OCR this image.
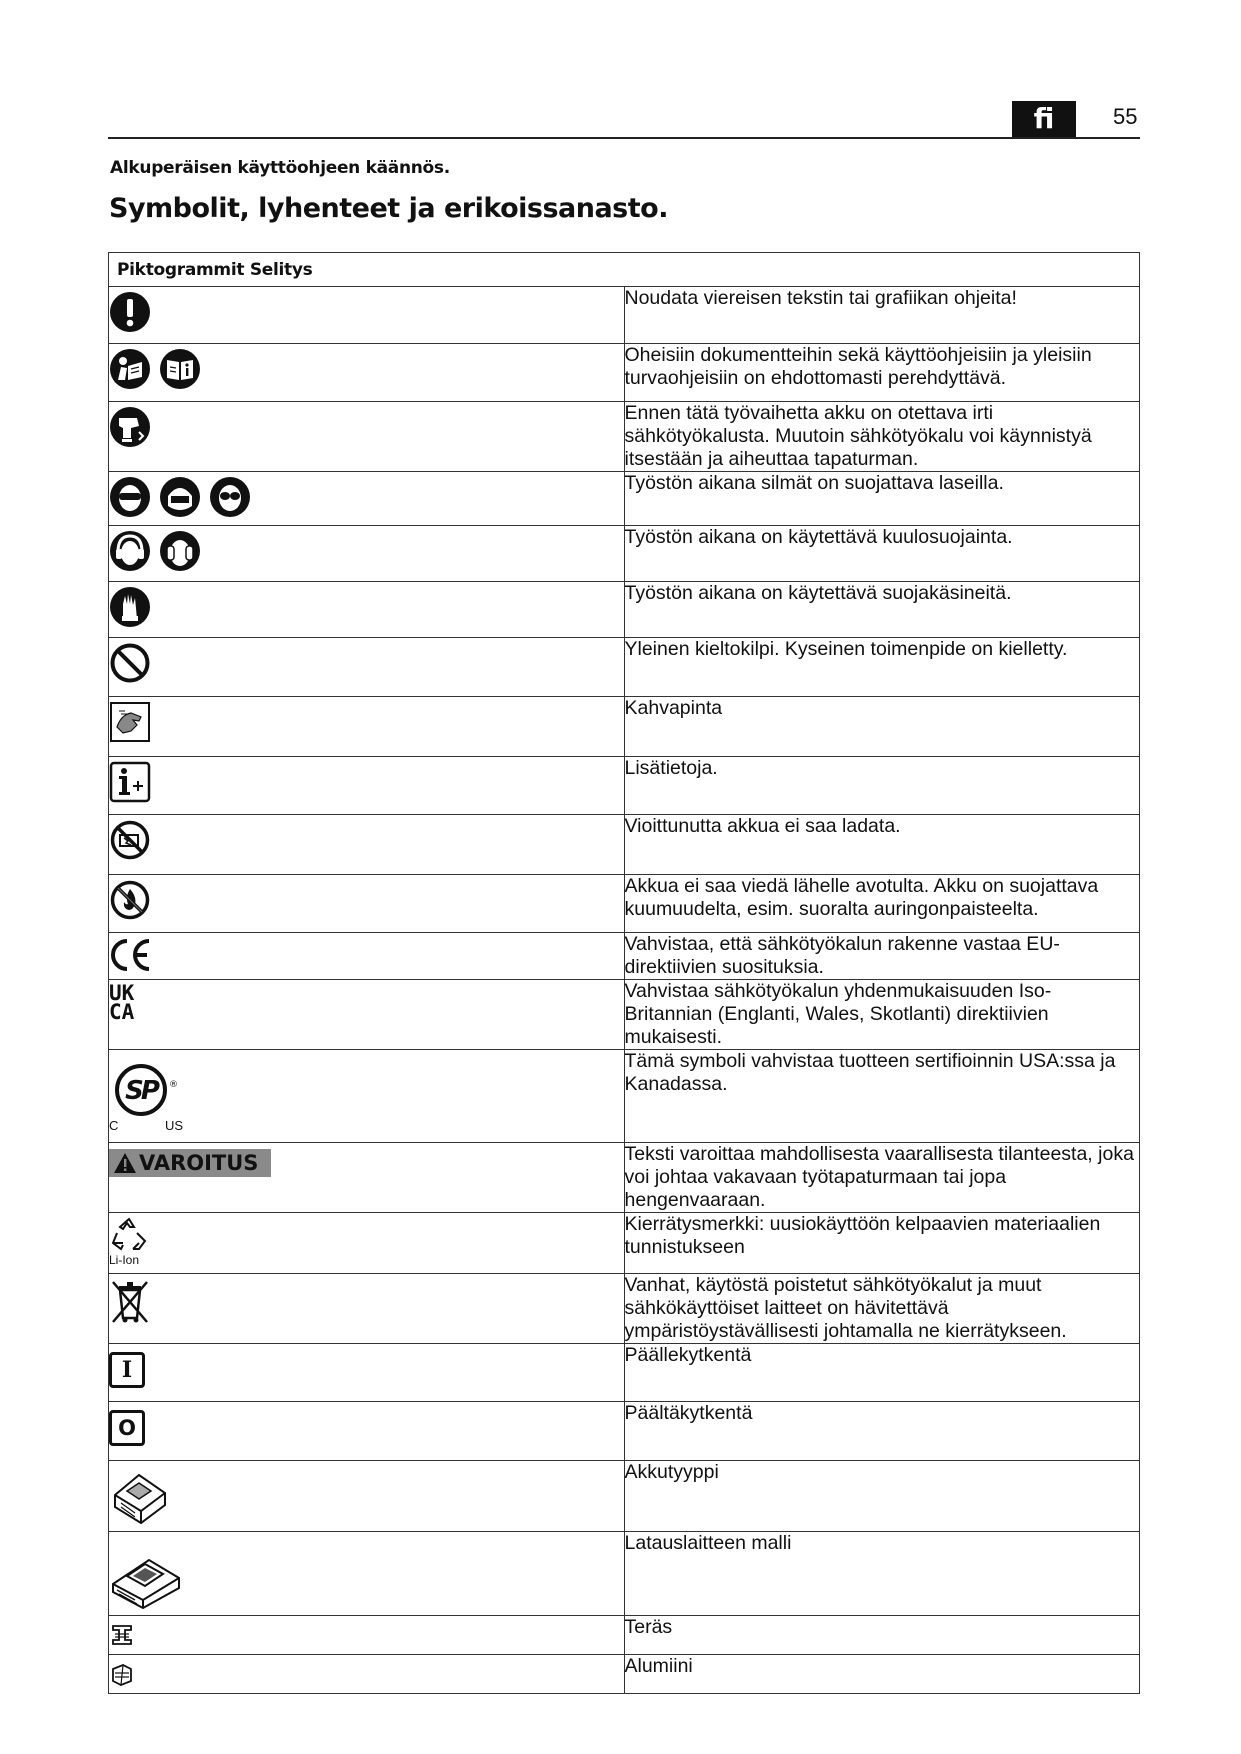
fi	55
Alkuperäisen käyttöohjeen käännös.
Symbolit, lyhenteet ja erikoissanasto.
Piktogrammit Selitys	

	Noudata viereisen tekstin tai grafiikan ohjeita!

	Oheisiin dokumentteihin sekä käyttöohjeisiin ja yleisiin turvaohjeisiin on ehdottomasti perehdyttävä.

	Ennen tätä työvaihetta akku on otettava irti sähkötyökalusta. Muutoin sähkötyökalu voi käynnistyä itsestään ja aiheuttaa tapaturman.

	Työstön aikana silmät on suojattava laseilla.

	Työstön aikana on käytettävä kuulosuojainta.

	Työstön aikana on käytettävä suojakäsineitä.

	Yleinen kieltokilpi. Kyseinen toimenpide on kielletty.

	Kahvapinta

	Lisätietoja.

	Vioittunutta akkua ei saa ladata.

	Akkua ei saa viedä lähelle avotulta. Akku on suojattava kuumuudelta, esim. suoralta auringonpaisteelta.

	Vahvistaa, että sähkötyökalun rakenne vastaa EU-direktiivien suosituksia.

UK
CA	Vahvistaa sähkötyökalun yhdenmukaisuuden Iso-Britannian (Englanti, Wales, Skotlanti) direktiivien mukaisesti.

SP ®
C US	Tämä symboli vahvistaa tuotteen sertifioinnin USA:ssa ja Kanadassa.

VAROITUS	Teksti varoittaa mahdollisesta vaarallisesta tilanteesta, joka voi johtaa vakavaan työtapaturmaan tai jopa hengenvaaraan.

Li-Ion	Kierrätysmerkki: uusiokäyttöön kelpaavien materiaalien tunnistukseen

	Vanhat, käytöstä poistetut sähkötyökalut ja muut sähkökäyttöiset laitteet on hävitettävä ympäristöystävällisesti johtamalla ne kierrätykseen.

I	Päällekytkentä

O	Päältäkytkentä

	Akkutyyppi

	Latauslaitteen malli

	Teräs

	Alumiini
